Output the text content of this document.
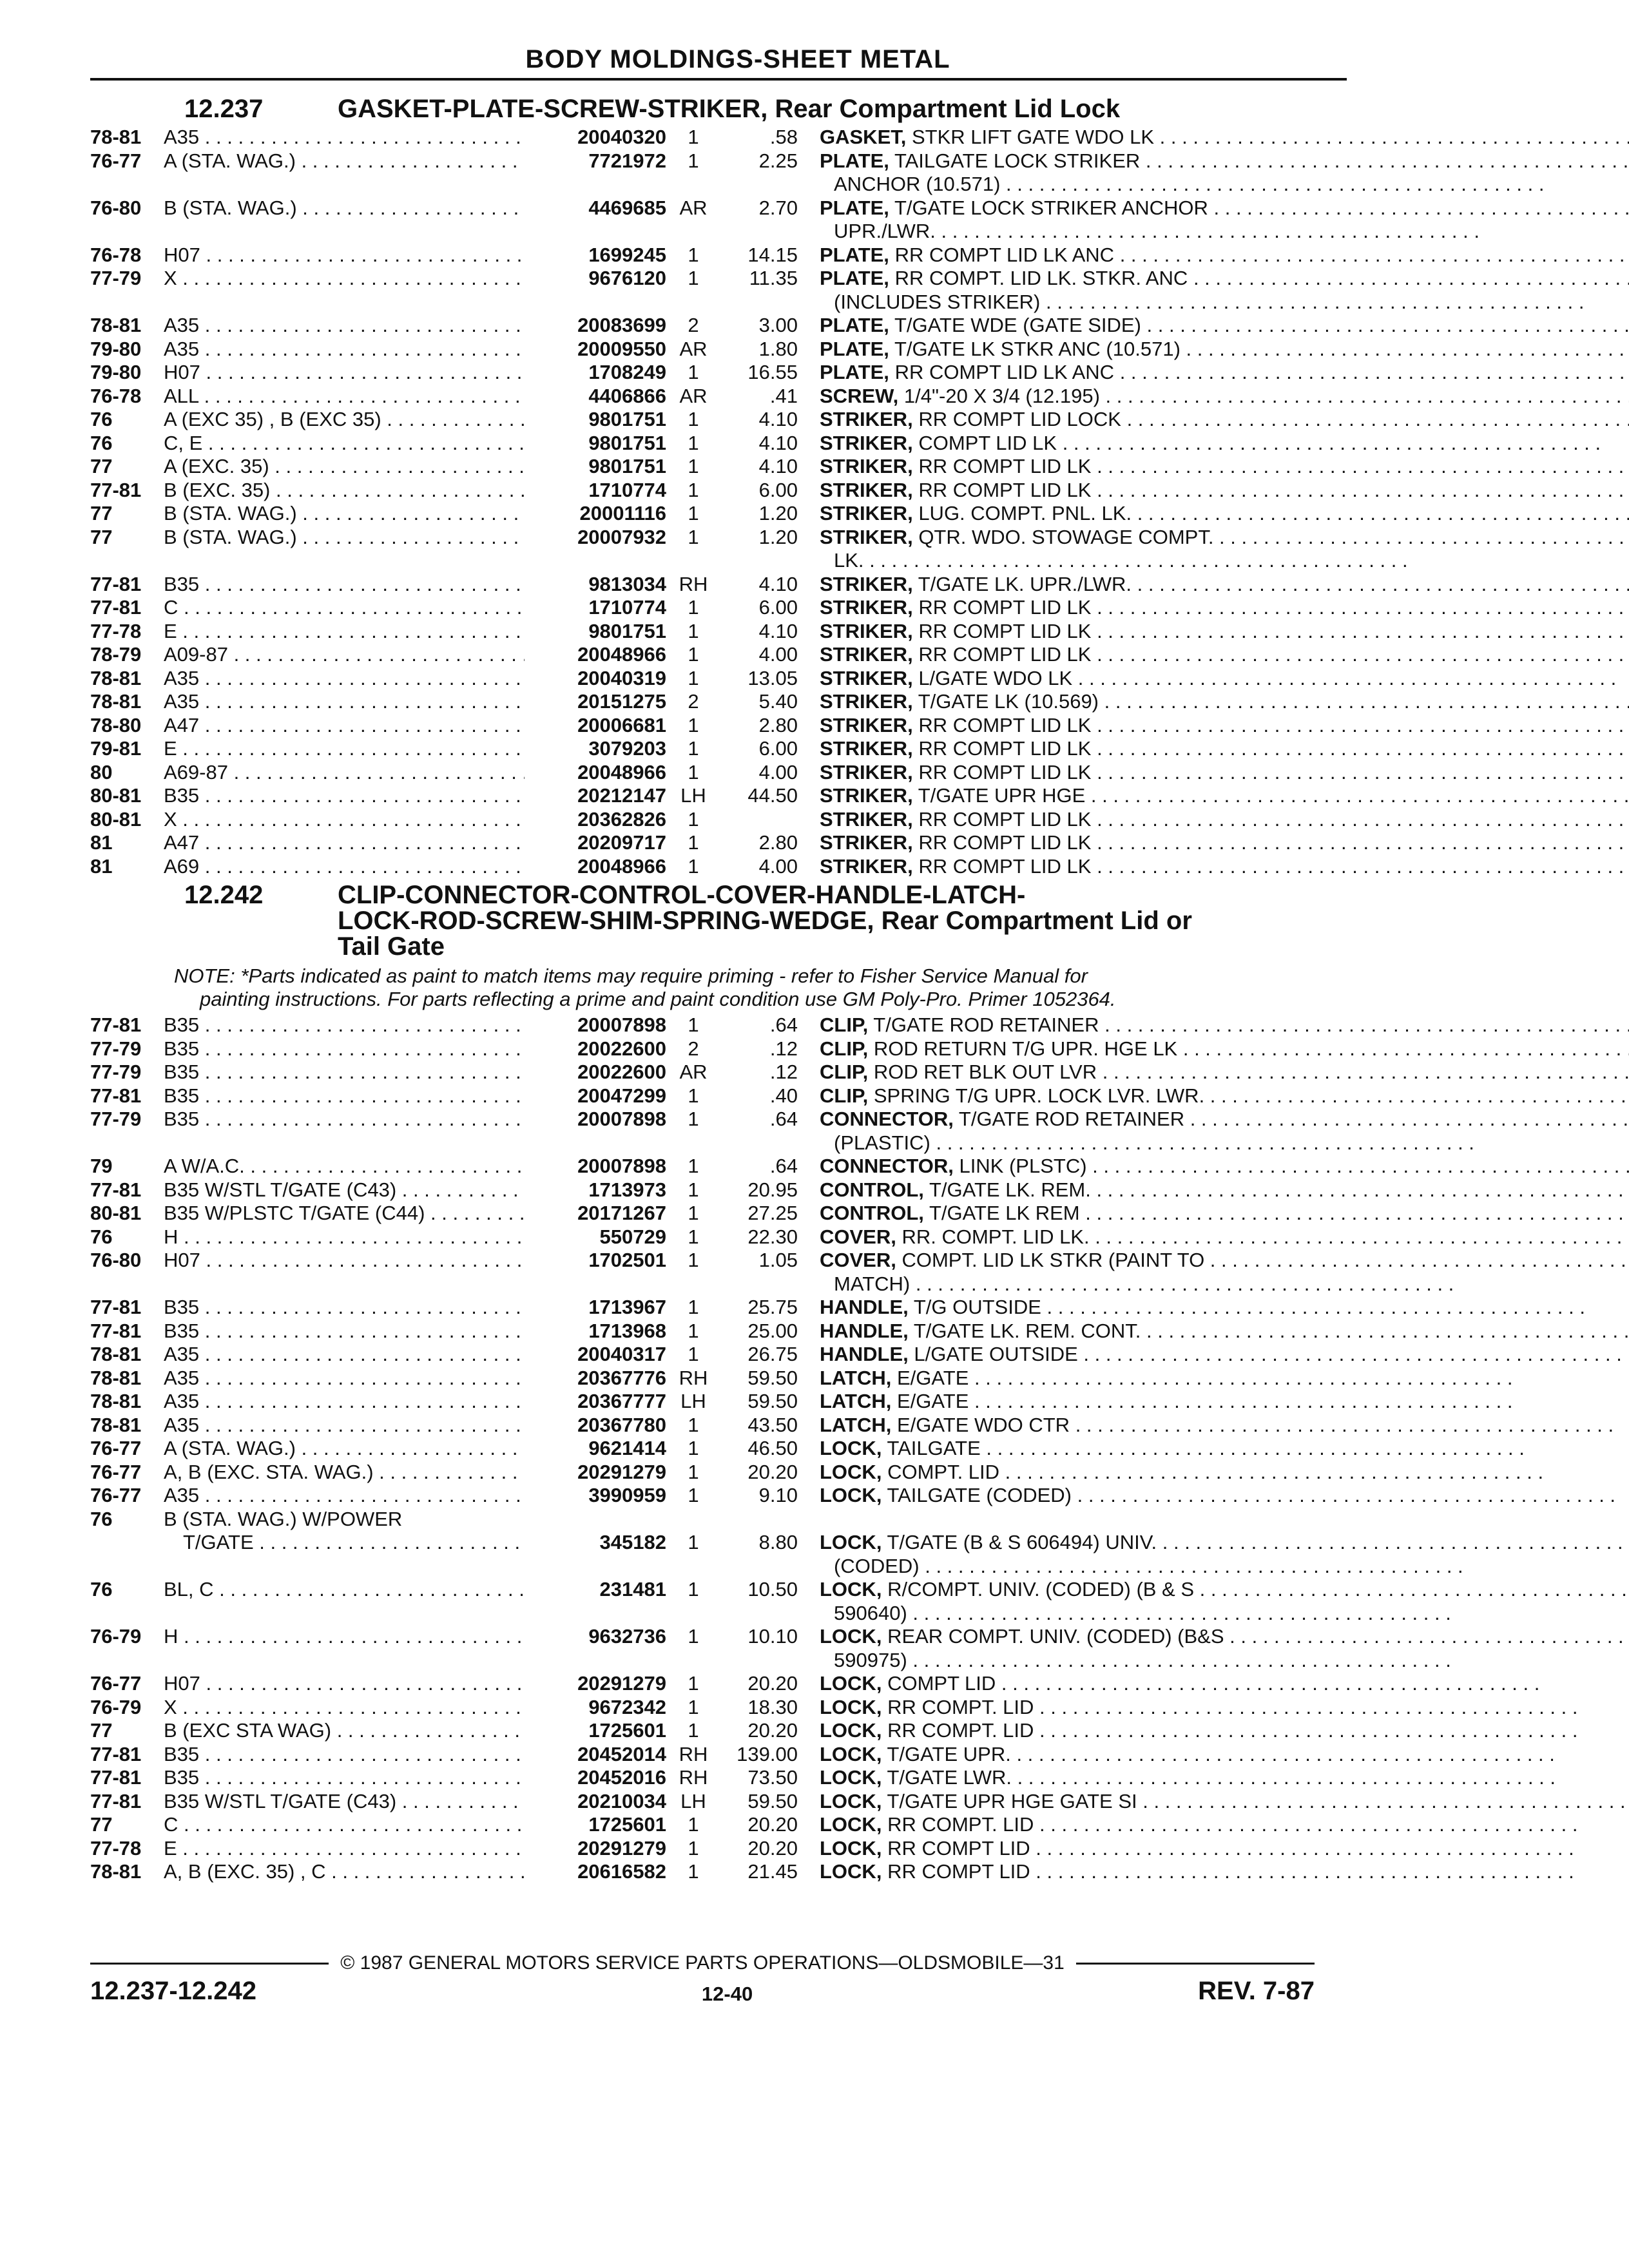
BODY MOLDINGS-SHEET METAL
12.237	GASKET-PLATE-SCREW-STRIKER, Rear Compartment Lid Lock
78-81	A35 . . .	20040320	1	.58 GASKET, STKR LIFT GATE WDO LK . . .
76-77	A (STA. WAG.) . . .	7721972	1	2.25 PLATE, TAILGATE LOCK STRIKER . . .
ANCHOR (10.571) . . .
76-80	B (STA. WAG.) . . .	4469685 AR	2.70 PLATE, T/GATE LOCK STRIKER ANCHOR . . .
UPR./LWR. . . .
76-78	H07 . . .	1699245	1	14.15 PLATE, RR COMPT LID LK ANC . . .
77-79	X . . .	9676120	1	11.35 PLATE, RR COMPT. LID LK. STKR. ANC . . .
(INCLUDES STRIKER) . . .
78-81	A35 . . .	20083699	2	3.00 PLATE, T/GATE WDE (GATE SIDE) . . .
79-80	A35 . . .	20009550 AR	1.80 PLATE, T/GATE LK STKR ANC (10.571) . . .
79-80	H07 . . .	1708249	1	16.55 PLATE, RR COMPT LID LK ANC . . .
76-78	ALL . . .	4406866 AR	.41 SCREW, 1/4"-20 X 3/4 (12.195) . . .
76	A (EXC 35) , B (EXC 35) . . .	9801751	1	4.10 STRIKER, RR COMPT LID LOCK . . .
76	C, E . . .	9801751	1	4.10 STRIKER, COMPT LID LK . . .
77	A (EXC. 35) . . .	9801751	1	4.10 STRIKER, RR COMPT LID LK . . .
77-81	B (EXC. 35) . . .	1710774	1	6.00 STRIKER, RR COMPT LID LK . . .
77	B (STA. WAG.) . . .	20001116	1	1.20 STRIKER, LUG. COMPT. PNL. LK. . . .
77	B (STA. WAG.) . . .	20007932	1	1.20 STRIKER, QTR. WDO. STOWAGE COMPT. . . .
LK. . . .
77-81	B35 . . .	9813034 RH	4.10 STRIKER, T/GATE LK. UPR./LWR. . . .
77-81	C . . .	1710774	1	6.00 STRIKER, RR COMPT LID LK . . .
77-78	E . . .	9801751	1	4.10 STRIKER, RR COMPT LID LK . . .
78-79	A09-87 . . .	20048966	1	4.00 STRIKER, RR COMPT LID LK . . .
78-81	A35 . . .	20040319	1	13.05 STRIKER, L/GATE WDO LK . . .
78-81	A35 . . .	20151275	2	5.40 STRIKER, T/GATE LK (10.569) . . .
78-80	A47 . . .	20006681	1	2.80 STRIKER, RR COMPT LID LK . . .
79-81	E . . .	3079203	1	6.00 STRIKER, RR COMPT LID LK . . .
80	A69-87 . . .	20048966	1	4.00 STRIKER, RR COMPT LID LK . . .
80-81	B35 . . .	20212147 LH	44.50 STRIKER, T/GATE UPR HGE . . .
80-81	X . . .	20362826	1	STRIKER, RR COMPT LID LK . . .
81	A47 . . .	20209717	1	2.80 STRIKER, RR COMPT LID LK . . .
81	A69 . . .	20048966	1	4.00 STRIKER, RR COMPT LID LK . . .
12.242	CLIP-CONNECTOR-CONTROL-COVER-HANDLE-LATCH-
LOCK-ROD-SCREW-SHIM-SPRING-WEDGE, Rear Compartment Lid or
Tail Gate
NOTE: *Parts indicated as paint to match items may require priming - refer to Fisher Service Manual for
painting instructions. For parts reflecting a prime and paint condition use GM Poly-Pro. Primer 1052364.
77-81	B35 . . .	20007898	1	.64 CLIP, T/GATE ROD RETAINER . . .
77-79	B35 . . .	20022600	2	.12 CLIP, ROD RETURN T/G UPR. HGE LK . . .
77-79	B35 . . .	20022600 AR	.12 CLIP, ROD RET BLK OUT LVR . . .
77-81	B35 . . .	20047299	1	.40 CLIP, SPRING T/G UPR. LOCK LVR. LWR. . . .
77-79	B35 . . .	20007898	1	.64 CONNECTOR, T/GATE ROD RETAINER . . .
(PLASTIC) . . .
79	A W/A.C. . . .	20007898	1	.64 CONNECTOR, LINK (PLSTC) . . .
77-81	B35 W/STL T/GATE (C43) . . .	1713973	1	20.95 CONTROL, T/GATE LK. REM. . . .
80-81	B35 W/PLSTC T/GATE (C44) . . .	20171267	1	27.25 CONTROL, T/GATE LK REM . . .
76	H . . .	550729	1	22.30 COVER, RR. COMPT. LID LK. . . .
76-80	H07 . . .	1702501	1	1.05 COVER, COMPT. LID LK STKR (PAINT TO . . .
MATCH) . . .
77-81	B35 . . .	1713967	1	25.75 HANDLE, T/G OUTSIDE . . .
77-81	B35 . . .	1713968	1	25.00 HANDLE, T/GATE LK. REM. CONT. . . .
78-81	A35 . . .	20040317	1	26.75 HANDLE, L/GATE OUTSIDE . . .
78-81	A35 . . .	20367776 RH	59.50 LATCH, E/GATE . . .
78-81	A35 . . .	20367777 LH	59.50 LATCH, E/GATE . . .
78-81	A35 . . .	20367780	1	43.50 LATCH, E/GATE WDO CTR . . .
76-77	A (STA. WAG.) . . .	9621414	1	46.50 LOCK, TAILGATE . . .
76-77	A, B (EXC. STA. WAG.) . . .	20291279	1	20.20 LOCK, COMPT. LID . . .
76-77	A35 . . .	3990959	1	9.10 LOCK, TAILGATE (CODED) . . .
76	B (STA. WAG.) W/POWER
T/GATE . . .	345182	1	8.80 LOCK, T/GATE (B & S 606494) UNIV. . . .
(CODED) . . .
76	BL, C . . .	231481	1	10.50 LOCK, R/COMPT. UNIV. (CODED) (B & S . . .
590640) . . .
76-79	H . . .	9632736	1	10.10 LOCK, REAR COMPT. UNIV. (CODED) (B&S . . .
590975) . . .
76-77	H07 . . .	20291279	1	20.20 LOCK, COMPT LID . . .
76-79	X . . .	9672342	1	18.30 LOCK, RR COMPT. LID . . .
77	B (EXC STA WAG) . . .	1725601	1	20.20 LOCK, RR COMPT. LID . . .
77-81	B35 . . .	20452014 RH	139.00 LOCK, T/GATE UPR. . . .
77-81	B35 . . .	20452016 RH	73.50 LOCK, T/GATE LWR. . . .
77-81	B35 W/STL T/GATE (C43) . . .	20210034 LH	59.50 LOCK, T/GATE UPR HGE GATE SI . . .
77	C . . .	1725601	1	20.20 LOCK, RR COMPT. LID . . .
77-78	E . . .	20291279	1	20.20 LOCK, RR COMPT LID . . .
78-81	A, B (EXC. 35) , C . . .	20616582	1	21.45 LOCK, RR COMPT LID . . .
© 1987 GENERAL MOTORS SERVICE PARTS OPERATIONS—OLDSMOBILE—31
12.237-12.242	12-40	REV. 7-87
